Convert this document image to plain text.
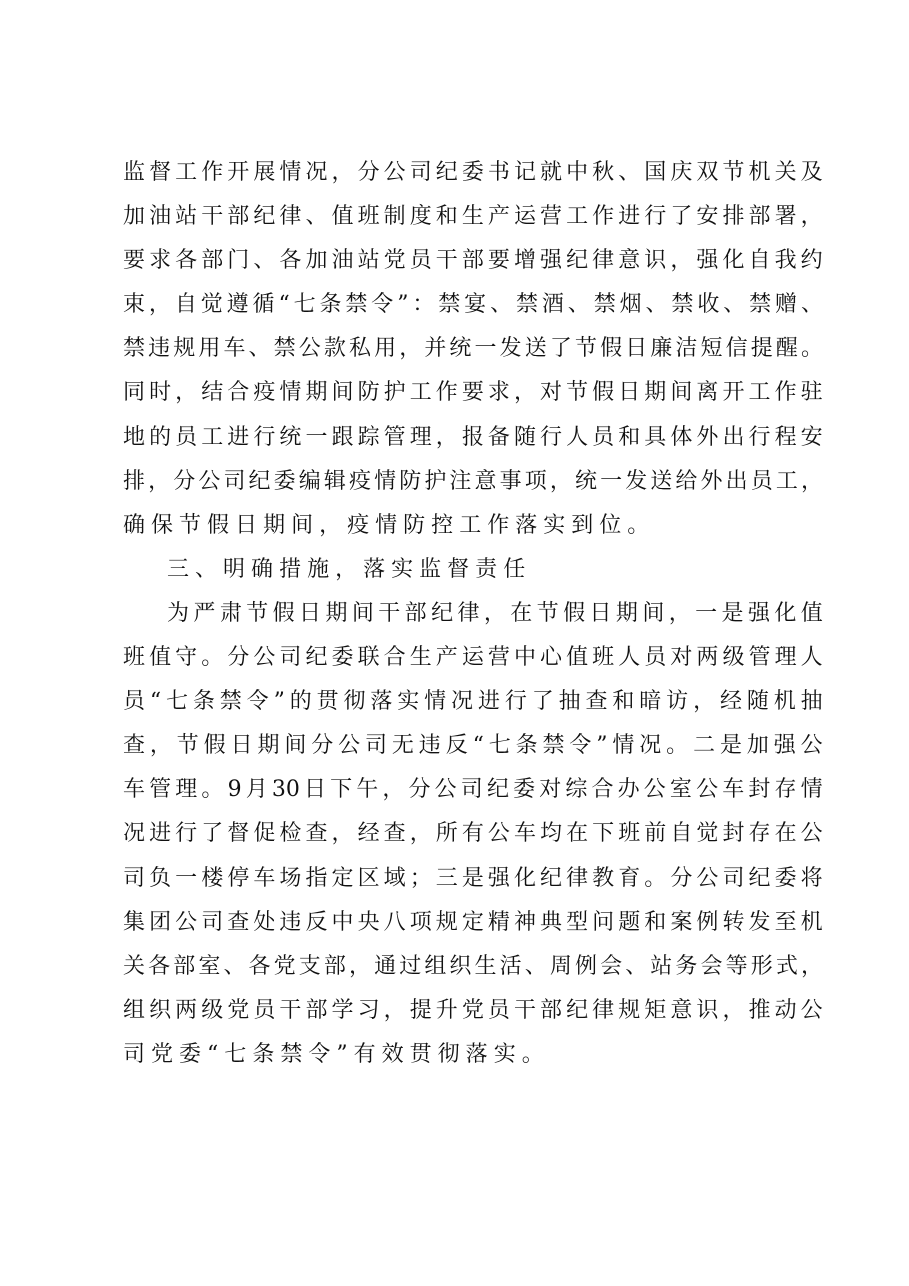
监 督 工 作 开 展 情 况 ， 分 公 司 纪 委 书 记 就 中 秋 、 国 庆 双 节 机 关 及
加 油 站 干 部 纪 律 、 值 班 制 度 和 生 产 运 营 工 作 进 行 了 安 排 部 署 ，
要 求 各 部 门 、 各 加 油 站 党 员 干 部 要 增 强 纪 律 意 识 ， 强 化 自 我 约
束 ， 自 觉 遵 循 “ 七 条 禁 令 ” ： 禁 宴 、 禁 酒 、 禁 烟 、 禁 收 、 禁 赠 、
禁 违 规 用 车 、 禁 公 款 私 用 ， 并 统 一 发 送 了 节 假 日 廉 洁 短 信 提 醒 。
同 时 ， 结 合 疫 情 期 间 防 护 工 作 要 求 ， 对 节 假 日 期 间 离 开 工 作 驻
地 的 员 工 进 行 统 一 跟 踪 管 理 ， 报 备 随 行 人 员 和 具 体 外 出 行 程 安
排 ， 分 公 司 纪 委 编 辑 疫 情 防 护 注 意 事 项 ， 统 一 发 送 给 外 出 员 工 ，
确 保 节 假 日 期 间 ， 疫 情 防 控 工 作 落 实 到 位 。
三 、 明 确 措 施 ， 落 实 监 督 责 任
为 严 肃 节 假 日 期 间 干 部 纪 律 ， 在 节 假 日 期 间 ， 一 是 强 化 值
班 值 守 。 分 公 司 纪 委 联 合 生 产 运 营 中 心 值 班 人 员 对 两 级 管 理 人
员 “ 七 条 禁 令 ” 的 贯 彻 落 实 情 况 进 行 了 抽 查 和 暗 访 ， 经 随 机 抽
查 ， 节 假 日 期 间 分 公 司 无 违 反 “ 七 条 禁 令 ” 情 况 。 二 是 加 强 公
车 管 理 。 9 月 30 日 下 午 ， 分 公 司 纪 委 对 综 合 办 公 室 公 车 封 存 情
况 进 行 了 督 促 检 查 ， 经 查 ， 所 有 公 车 均 在 下 班 前 自 觉 封 存 在 公
司 负 一 楼 停 车 场 指 定 区 域 ； 三 是 强 化 纪 律 教 育 。 分 公 司 纪 委 将
集 团 公 司 查 处 违 反 中 央 八 项 规 定 精 神 典 型 问 题 和 案 例 转 发 至 机
关 各 部 室 、 各 党 支 部 ， 通 过 组 织 生 活 、 周 例 会 、 站 务 会 等 形 式 ，
组 织 两 级 党 员 干 部 学 习 ， 提 升 党 员 干 部 纪 律 规 矩 意 识 ， 推 动 公
司 党 委 “ 七 条 禁 令 ” 有 效 贯 彻 落 实 。
